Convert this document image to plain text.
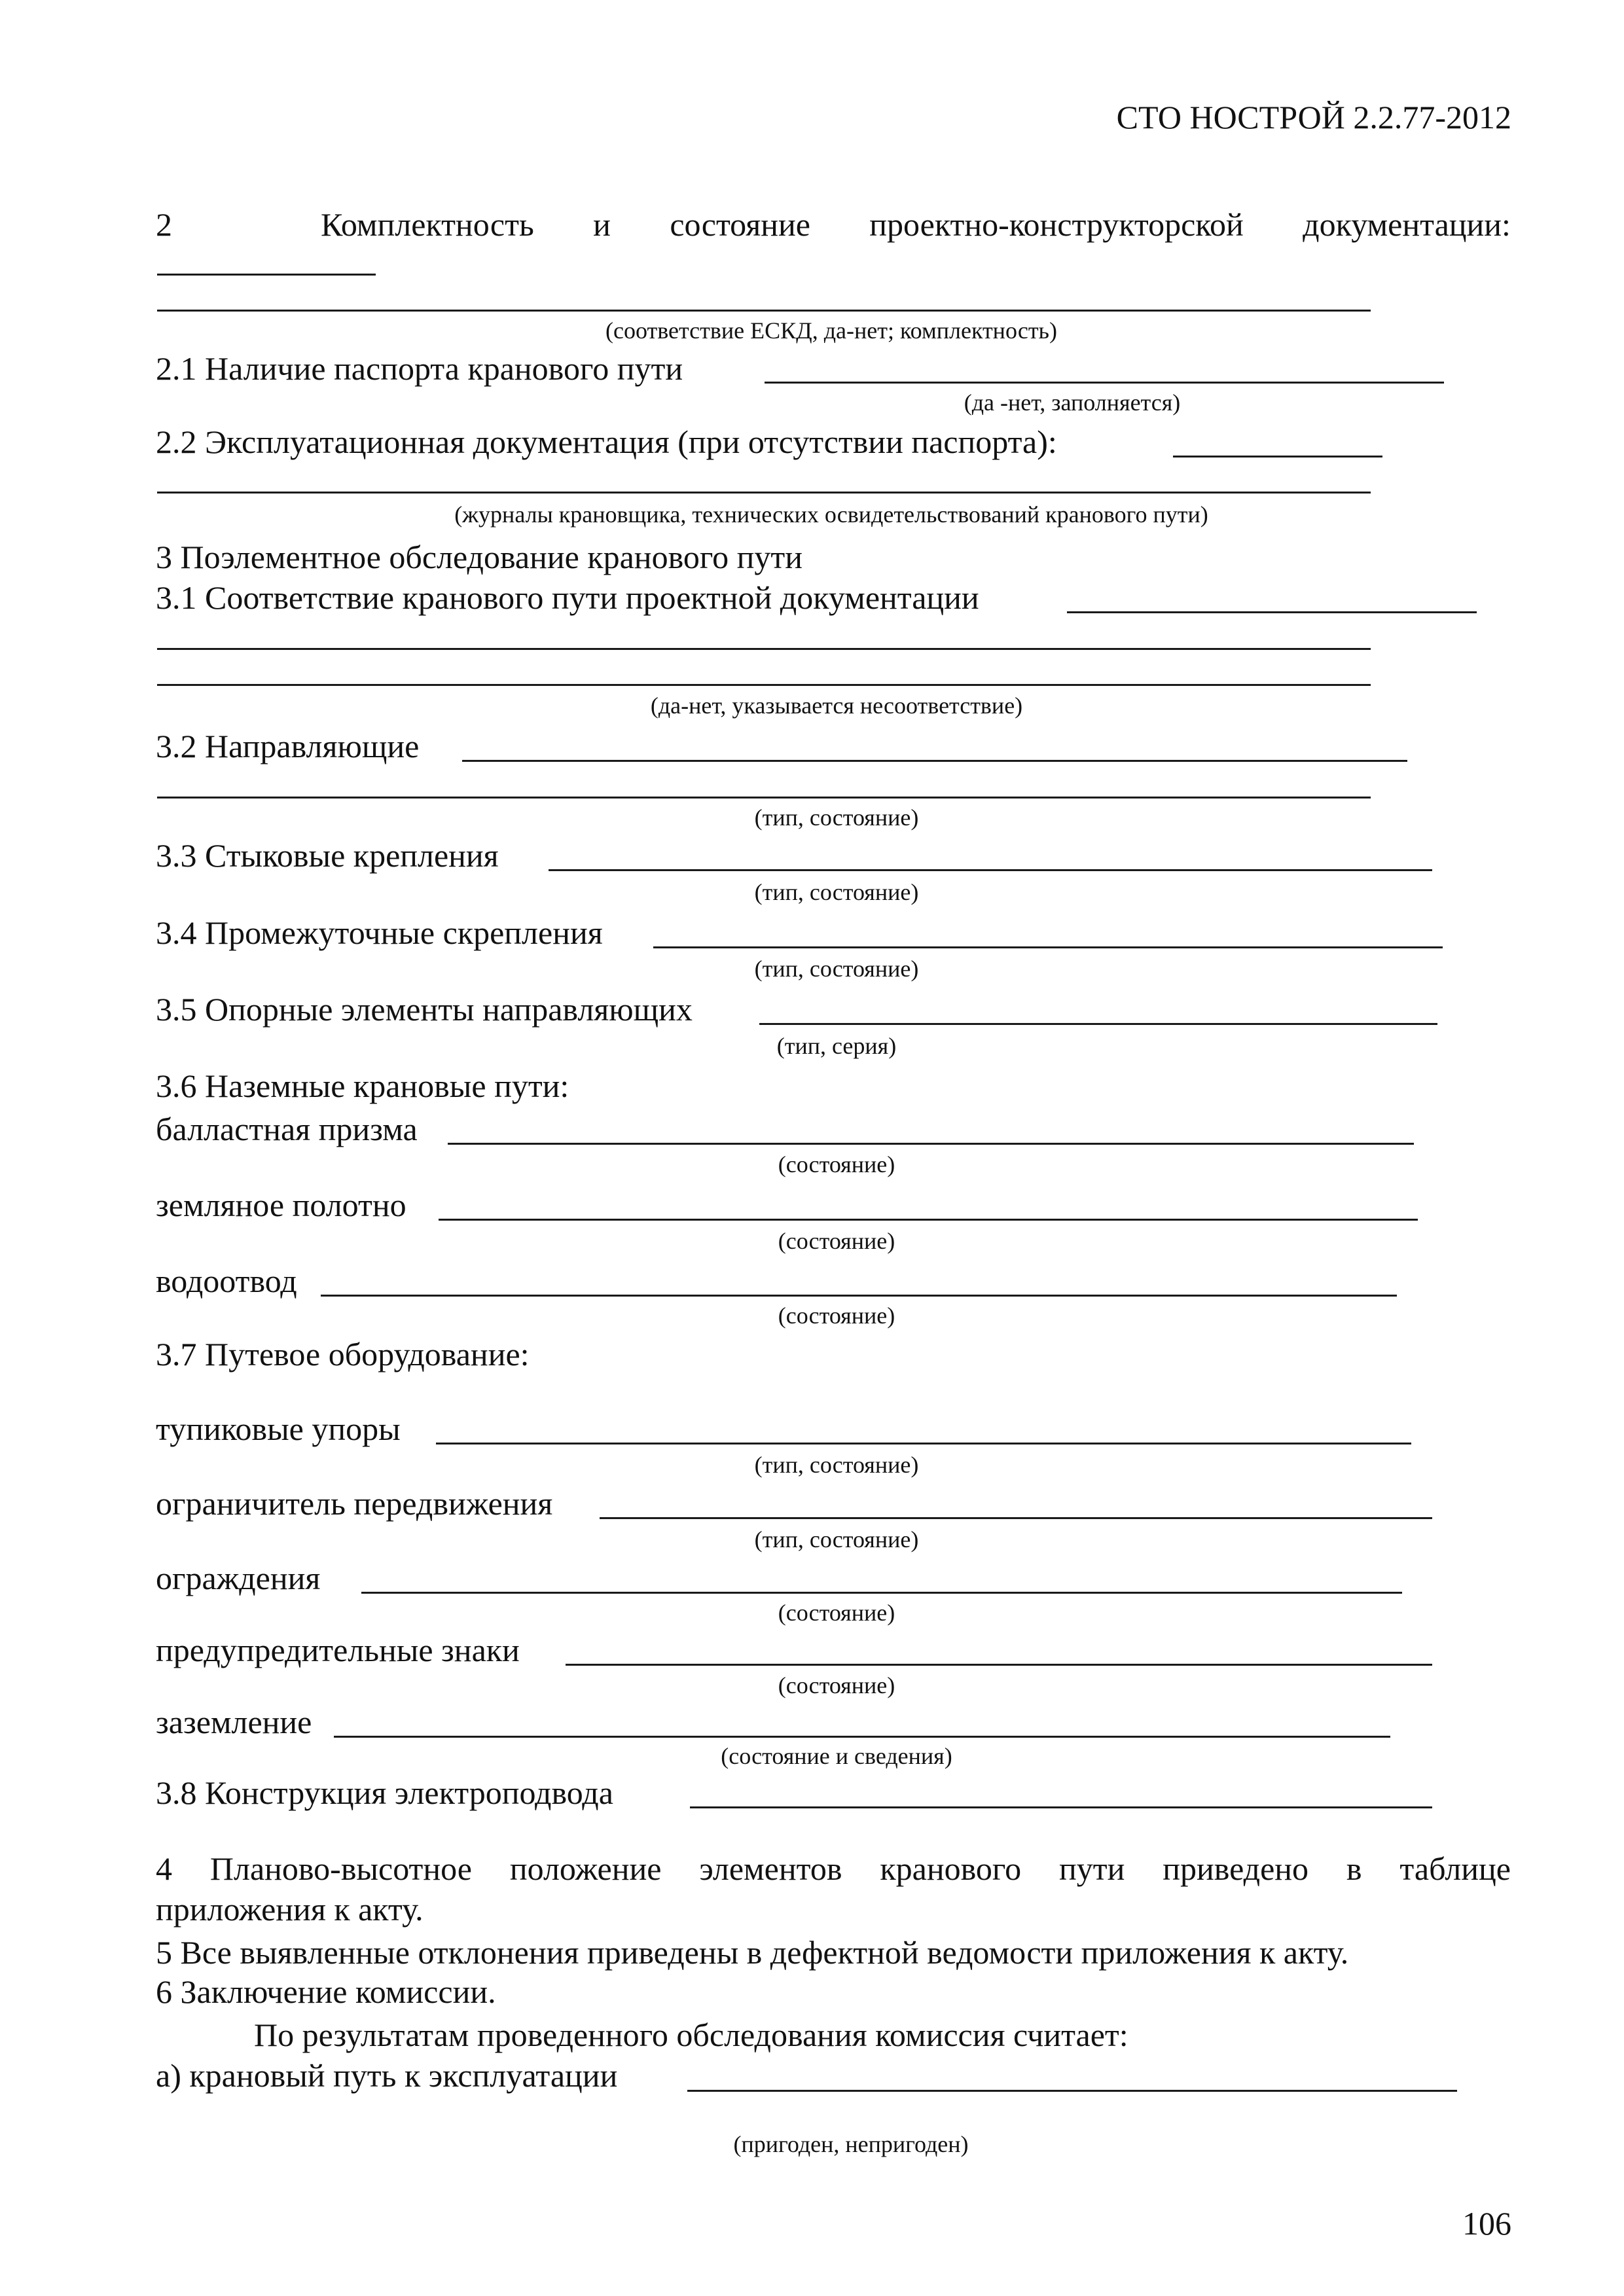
СТО НОСТРОЙ 2.2.77-2012
2	Комплектность и состояние проектно-конструкторской документации:
(соответствие ЕСКД, да-нет; комплектность)
2.1 Наличие паспорта кранового пути
(да -нет, заполняется)
2.2 Эксплуатационная документация (при отсутствии паспорта):
(журналы крановщика, технических освидетельствований кранового пути)
3 Поэлементное обследование кранового пути
3.1 Соответствие кранового пути проектной документации
(да-нет, указывается несоответствие)
3.2 Направляющие
(тип, состояние)
3.3 Стыковые крепления
(тип, состояние)
3.4 Промежуточные скрепления
(тип, состояние)
3.5 Опорные элементы направляющих
(тип, серия)
3.6 Наземные крановые пути:
балластная призма
(состояние)
земляное полотно
(состояние)
водоотвод
(состояние)
3.7 Путевое оборудование:
тупиковые упоры
(тип, состояние)
ограничитель передвижения
(тип, состояние)
ограждения
(состояние)
предупредительные знаки
(состояние)
заземление
(состояние и сведения)
3.8 Конструкция электроподвода
4 Планово-высотное положение элементов кранового пути приведено в таблице
приложения к акту.
5 Все выявленные отклонения приведены в дефектной ведомости приложения к акту.
6 Заключение комиссии.
По результатам проведенного обследования комиссия считает:
а) крановый путь к эксплуатации
(пригоден, непригоден)
106
